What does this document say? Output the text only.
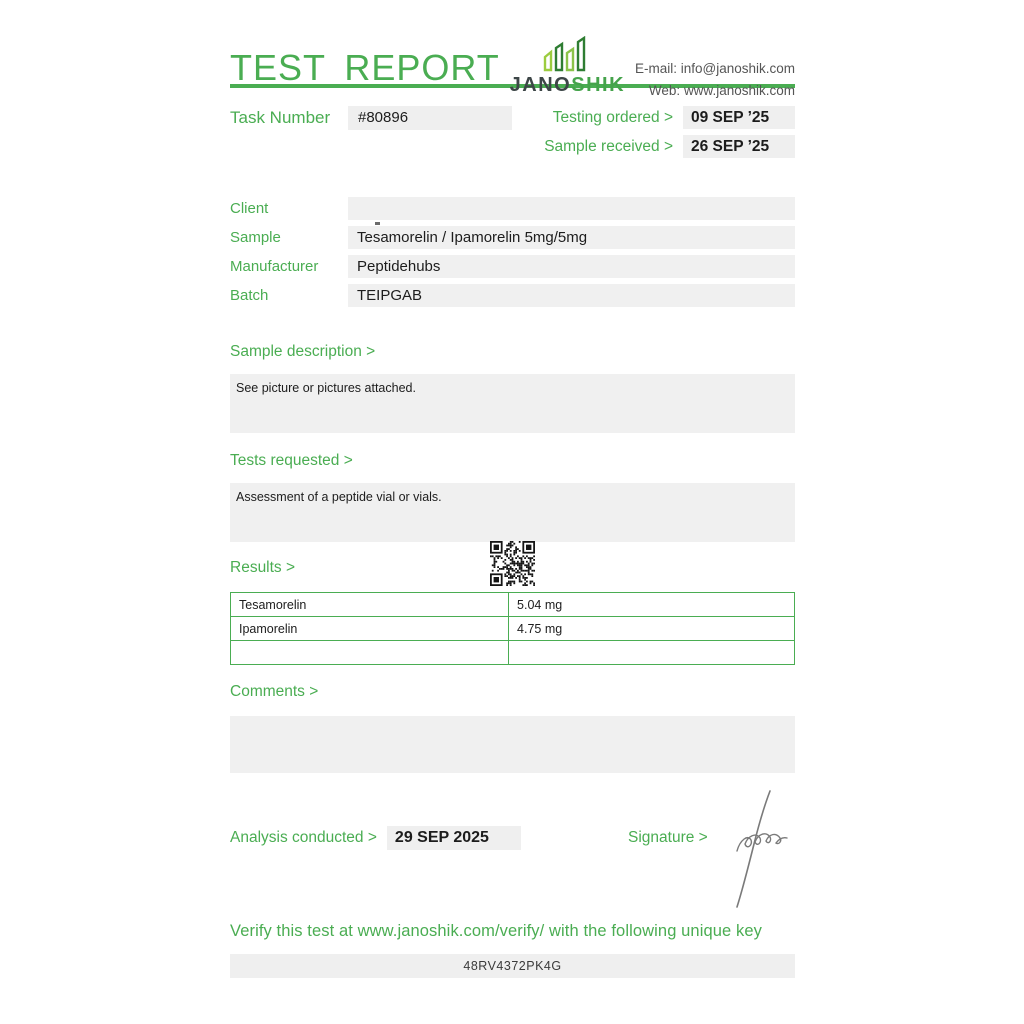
TEST REPORT JANOSHIK
E-mail: info@janoshik.com
Web: www.janoshik.com
Task Number	#80896	Testing ordered >	09 SEP ’25
Sample received >	26 SEP ’25
Client
Sample	Tesamorelin / Ipamorelin 5mg/5mg
Manufacturer	Peptidehubs
Batch	TEIPGAB
Sample description >
See picture or pictures attached.
Tests requested >
Assessment of a peptide vial or vials.
Results >
Tesamorelin	5.04 mg
Ipamorelin	4.75 mg

Comments >
Analysis conducted >	29 SEP 2025	Signature >
Verify this test at www.janoshik.com/verify/ with the following unique key
48RV4372PK4G
